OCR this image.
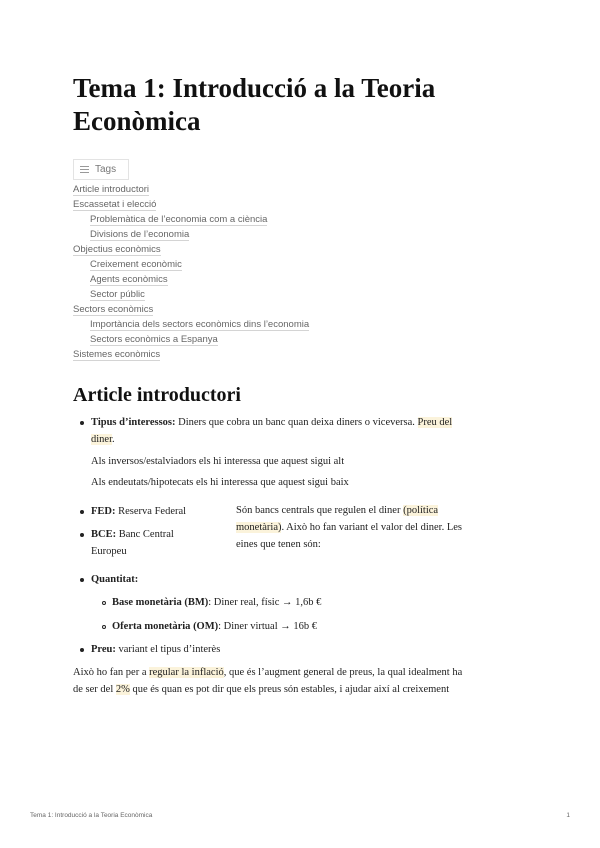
Tema 1: Introducció a la Teoria Econòmica
Tags
Article introductori
Escassetat i elecció
Problemàtica de l’economia com a ciència
Divisions de l’economia
Objectius econòmics
Creixement econòmic
Agents econòmics
Sector públic
Sectors econòmics
Importància dels sectors econòmics dins l’economia
Sectors econòmics a Espanya
Sistemes econòmics
Article introductori
Tipus d’interessos: Diners que cobra un banc quan deixa diners o viceversa. Preu del
diner.
Als inversos/estalviadors els hi interessa que aquest sigui alt
Als endeutats/hipotecats els hi interessa que aquest sigui baix
FED: Reserva Federal
BCE: Banc Central
Europeu
Són bancs centrals que regulen el diner (política
monetària). Això ho fan variant el valor del diner. Les
eines que tenen són:
Quantitat:
Base monetària (BM): Diner real, físic → 1,6b €
Oferta monetària (OM): Diner virtual → 16b €
Preu: variant el tipus d’interès
Això ho fan per a regular la inflació, que és l’augment general de preus, la qual idealment ha
de ser del 2% que és quan es pot dir que els preus són estables, i ajudar així al creixement
Tema 1: Introducció a la Teoria Econòmica	1
